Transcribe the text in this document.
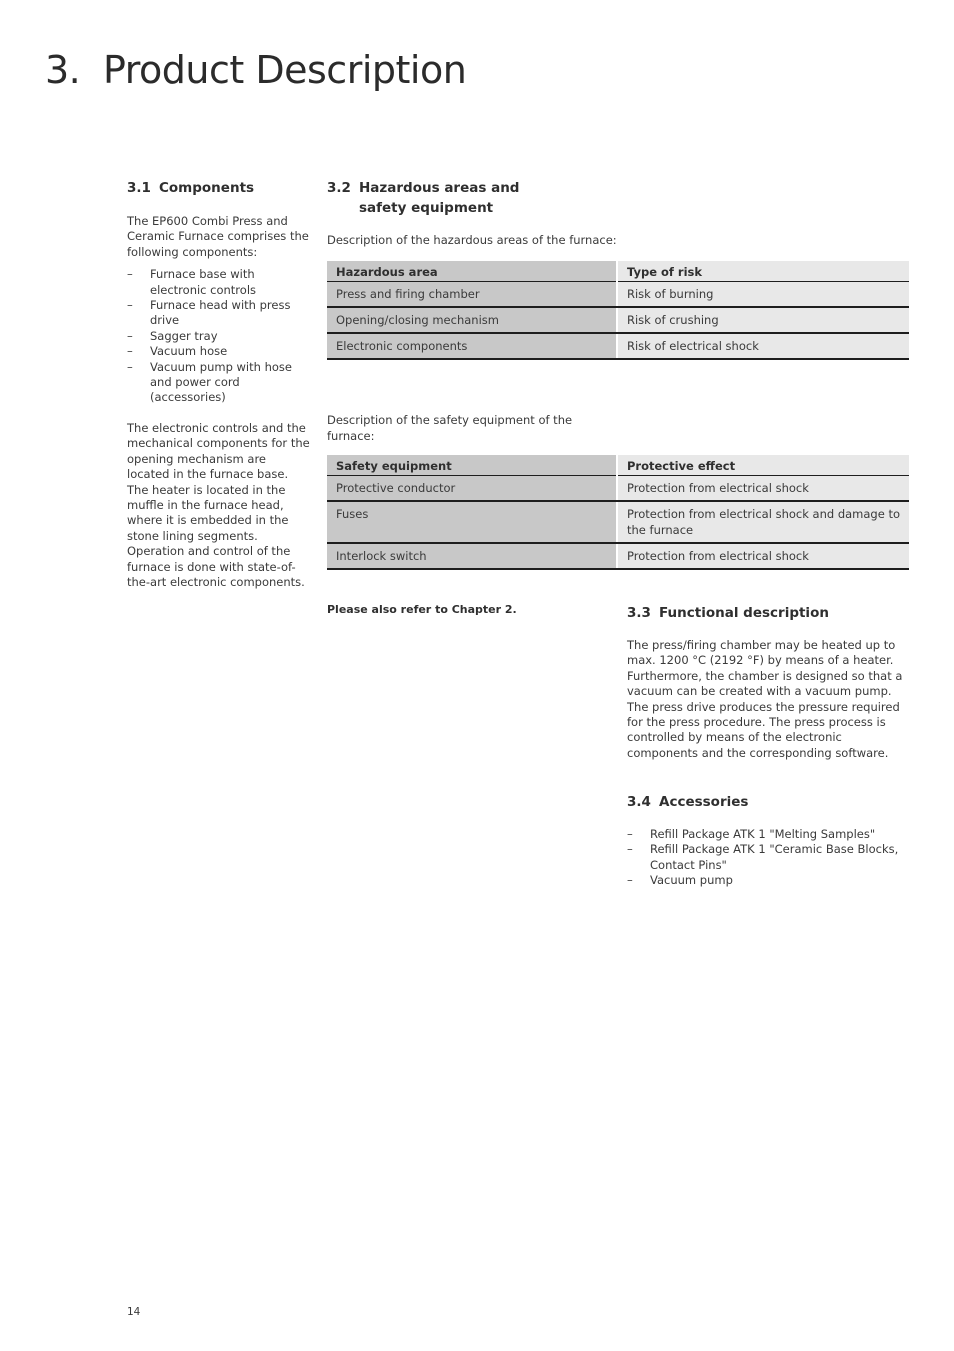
3. Product Description
3.1 Components

The EP600 Combi Press and Ceramic Furnace comprises the following components:

– Furnace base with electronic controls
– Furnace head with press drive
– Sagger tray
– Vacuum hose
– Vacuum pump with hose and power cord (accessories)

The electronic controls and the mechanical components for the opening mechanism are located in the furnace base. The heater is located in the muffle in the furnace head, where it is embedded in the stone lining segments. Operation and control of the furnace is done with state-of-the-art electronic components.

3.2 Hazardous areas and
safety equipment

Description of the hazardous areas of the furnace:

Hazardous area	Type of risk
Press and firing chamber	Risk of burning
Opening/closing mechanism	Risk of crushing
Electronic components	Risk of electrical shock

Description of the safety equipment of the
furnace:

Safety equipment	Protective effect
Protective conductor	Protection from electrical shock
Fuses	Protection from electrical shock and damage to the furnace
Interlock switch	Protection from electrical shock

Please also refer to Chapter 2.	3.3 Functional description

The press/firing chamber may be heated up to max. 1200 °C (2192 °F) by means of a heater. Furthermore, the chamber is designed so that a vacuum can be created with a vacuum pump. The press drive produces the pressure required for the press procedure. The press process is controlled by means of the electronic components and the corresponding software.

3.4 Accessories
– Refill Package ATK 1 "Melting Samples"
– Refill Package ATK 1 "Ceramic Base Blocks, Contact Pins"
– Vacuum pump
14
